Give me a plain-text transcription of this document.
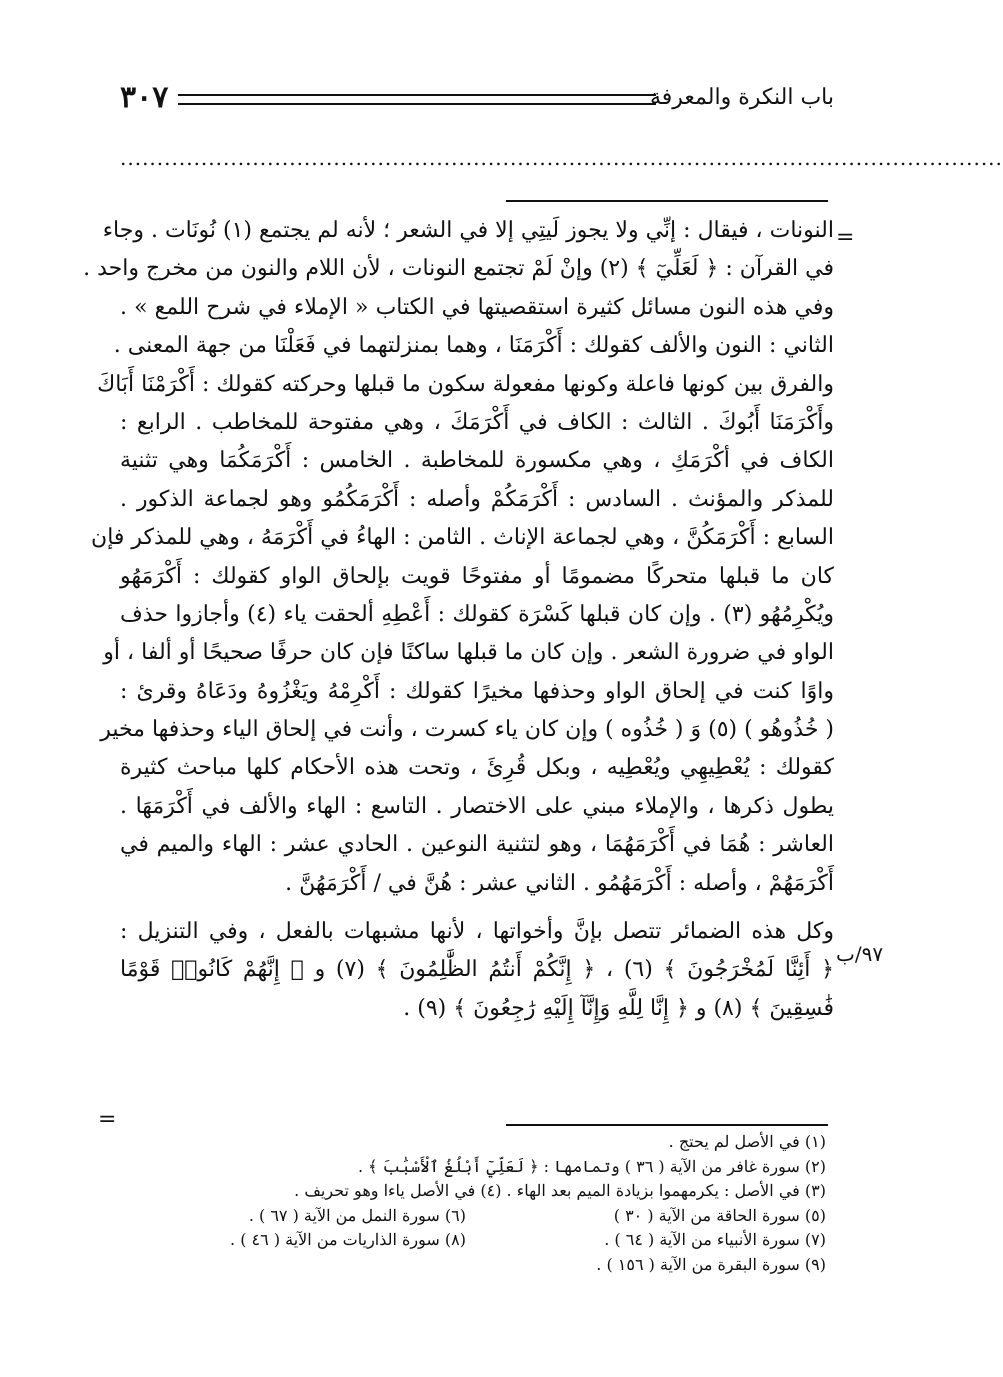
٣٠٧	باب النكرة والمعرفة
........................................................................................................................
=
النونات ، فيقال : إنِّي ولا يجوز لَيتِي إلا في الشعر ؛ لأنه لم يجتمع (١) نُونَات . وجاء
في القرآن : ﴿ لَعَلِّيٓ ﴾ (٢) وإنْ لَمْ تجتمع النونات ، لأن اللام والنون من مخرج واحد .
وفي هذه النون مسائل كثيرة استقصيتها في الكتاب « الإملاء في شرح اللمع » .
الثاني : النون والألف كقولك : أَكْرَمَنَا ، وهما بمنزلتهما في فَعَلْنَا من جهة المعنى .
والفرق بين كونها فاعلة وكونها مفعولة سكون ما قبلها وحركته كقولك : أَكْرَمْنَا أَبَاكَ
وأَكْرَمَنَا أَبُوكَ . الثالث : الكاف في أَكْرَمَكَ ، وهي مفتوحة للمخاطب . الرابع :
الكاف في أكْرَمَكِ ، وهي مكسورة للمخاطبة . الخامس : أَكْرَمَكُمَا وهي تثنية
للمذكر والمؤنث . السادس : أَكْرَمَكُمْ وأصله : أَكْرَمَكُمُو وهو لجماعة الذكور .
السابع : أَكْرَمَكُنَّ ، وهي لجماعة الإناث . الثامن : الهاءُ في أَكْرَمَهُ ، وهي للمذكر فإن
كان ما قبلها متحركًا مضمومًا أو مفتوحًا قويت بإلحاق الواو كقولك : أَكْرَمَهُو
ويُكْرِمُهُو (٣) . وإن كان قبلها كَسْرَة كقولك : أَعْطِهِ ألحقت ياء (٤) وأجازوا حذف
الواو في ضرورة الشعر . وإن كان ما قبلها ساكنًا فإن كان حرفًا صحيحًا أو ألفا ، أو
واوًا كنت في إلحاق الواو وحذفها مخيرًا كقولك : أَكْرِمْهُ ويَغْزُوهُ ودَعَاهُ وقرئ :
( خُذُوهُو ) (٥) وَ ( خُذُوه ) وإن كان ياء كسرت ، وأنت في إلحاق الياء وحذفها مخير
كقولك : يُعْطِيهِي ويُعْطِيه ، وبكل قُرِئَ ، وتحت هذه الأحكام كلها مباحث كثيرة
يطول ذكرها ، والإملاء مبني على الاختصار . التاسع : الهاء والألف في أَكْرَمَهَا .
العاشر : هُمَا في أَكْرَمَهُمَا ، وهو لتثنية النوعين . الحادي عشر : الهاء والميم في
أَكْرَمَهُمْ ، وأصله : أَكْرَمَهُمُو . الثاني عشر : هُنَّ في / أَكْرَمَهُنَّ .
وكل هذه الضمائر تتصل بإنَّ وأخواتها ، لأنها مشبهات بالفعل ، وفي التنزيل :
﴿ أَئِنَّا لَمُخْرَجُونَ ﴾ (٦) ، ﴿ إِنَّكُمْ أَنتُمُ الظَّٰلِمُونَ ﴾ (٧) و ﴿ إِنَّهُمْ كَانُوا۟ قَوْمًا
فَٰسِقِينَ ﴾ (٨) و ﴿ إِنَّا لِلَّهِ وَإِنَّآ إِلَيْهِ رَٰجِعُونَ ﴾ (٩) .
٩٧/ب
=
(١) في الأصل لم يحتج .
(٢) سورة غافر من الآية ( ٣٦ ) وتمامها : ﴿ لَعَلِّيٓ أَبْلُغُ ٱلْأَسْبَٰبَ ﴾ .
(٣) في الأصل : يكرمهموا بزيادة الميم بعد الهاء . (٤) في الأصل ياءا وهو تحريف .
(٥) سورة الحاقة من الآية ( ٣٠ )
(٦) سورة النمل من الآية ( ٦٧ ) .
(٧) سورة الأنبياء من الآية ( ٦٤ ) .
(٨) سورة الذاريات من الآية ( ٤٦ ) .
(٩) سورة البقرة من الآية ( ١٥٦ ) .
